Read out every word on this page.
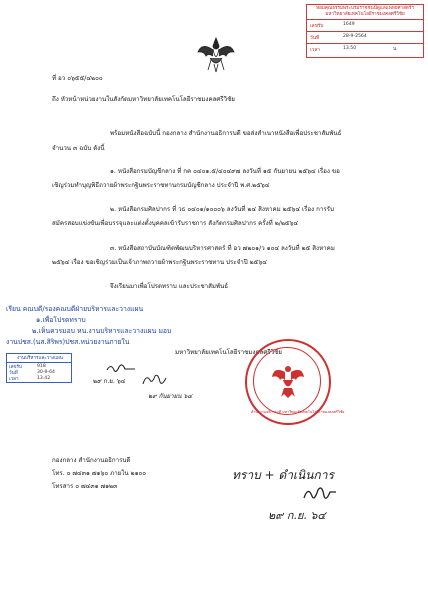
หอมคุณธรรมพระบรมราชชนนีดูแลเเพทยศาสตร์ฯ มหาวิทยาลัยเทคโนโลยีราชมงคลศรีวิชัย
เลขรับ	1649
วันที่	28-9-2564
เวลา	13.50	น.
ที่ อว ๐๖๕๕/๔๒๐๐
ถึง หัวหน้าหน่วยงานในสังกัดมหาวิทยาลัยเทคโนโลยีราชมงคลศรีวิชัย
พร้อมหนังสือฉบับนี้ กองกลาง สำนักงานอธิการบดี ขอส่งสำเนาหนังสือเพื่อประชาสัมพันธ์
จำนวน ๓ ฉบับ ดังนี้
๑. หนังสือกรมบัญชีกลาง ที่ กค ๐๔๐๑.๕/๔๐๔๙๗ ลงวันที่ ๑๕ กันยายน ๒๕๖๔ เรื่อง ขอ
เชิญร่วมทำบุญพิธีถวายผ้าพระกฐินพระราชทานกรมบัญชีกลาง ประจำปี พ.ศ.๒๕๖๔
๒. หนังสือกรมศิลปากร ที่ วธ ๐๔๐๑/๑๐๐๐๖ ลงวันที่ ๒๔ สิงหาคม ๒๕๖๔ เรื่อง การรับ
สมัครสอบแข่งขันเพื่อบรรจุและแต่งตั้งบุคคลเข้ารับราชการ สังกัดกรมศิลปากร ครั้งที่ ๒/๒๕๖๔
๓. หนังสือสถาบันบัณฑิตพัฒนบริหารศาสตร์ ที่ อว ๗๒๐๑/ว ๑๐๔ ลงวันที่ ๒๕ สิงหาคม
๒๕๖๔ เรื่อง ขอเชิญร่วมเป็นเจ้าภาพถวายผ้าพระกฐินพระราชทาน ประจำปี ๒๕๖๔
จึงเรียนมาเพื่อโปรดทราบ และประชาสัมพันธ์
เรียน คณบดี/รองคณบดีฝ่ายบริหารและวางแผน
๑.เพื่อโปรดทราบ
๒.เห็นควรมอบ หน.งานบริหารและวางแผน มอบ
งานปชส.(นส.สิริพร)ปชส.หน่วยงานภายใน
งานบริหารและวางแผน
เลขรับ	918
วันที่	30-9-64
เวลา	13.42	๒๙ ก.ย. ๖๔
๒๙ กันยายน ๖๔
มหาวิทยาลัยเทคโนโลยีราชมงคลศรีวิชัย
สำนักงานอธิการบดี มหาวิทยาลัยเทคโนโลยีราชมงคลศรีวิชัย
กองกลาง สำนักงานอธิการบดี
โทร. ๐ ๗๔๓๑ ๗๑๖๐ ภายใน ๒๑๐๐
โทรสาร ๐ ๗๔๓๑ ๗๑๒๓
ทราบ + ดำเนินการ
๒๙ ก.ย. ๖๔
